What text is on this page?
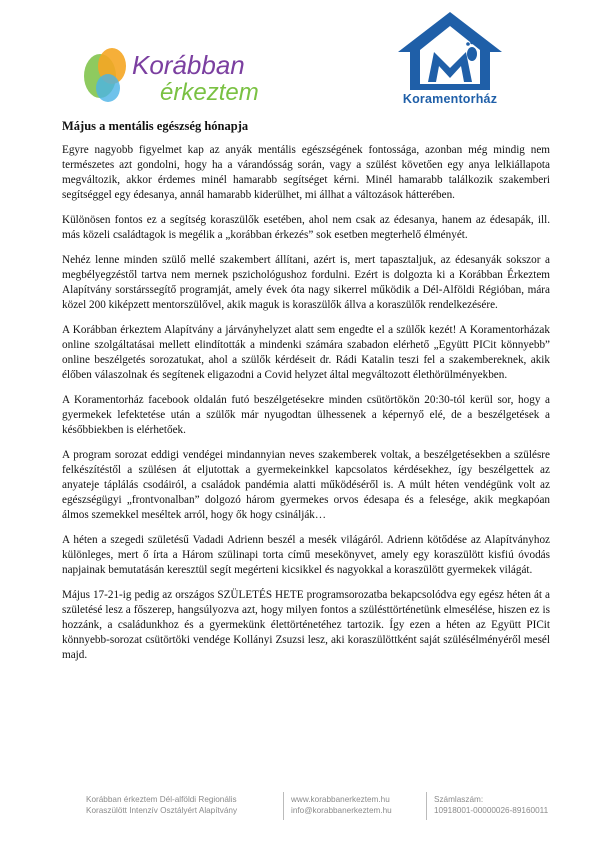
Korábban
érkeztem	Koramentorház
Május a mentális egészség hónapja

Egyre nagyobb figyelmet kap az anyák mentális egészségének fontossága, azonban még mindig nem természetes azt gondolni, hogy ha a várandósság során, vagy a szülést követően egy anya lelkiállapota megváltozik, akkor érdemes minél hamarabb segítséget kérni. Minél hamarabb találkozik szakemberi segítséggel egy édesanya, annál hamarabb kiderülhet, mi állhat a változások hátterében.

Különösen fontos ez a segítség koraszülők esetében, ahol nem csak az édesanya, hanem az édesapák, ill. más közeli családtagok is megélik a „korábban érkezés” sok esetben megterhelő élményét.

Nehéz lenne minden szülő mellé szakembert állítani, azért is, mert tapasztaljuk, az édesanyák sokszor a megbélyegzéstől tartva nem mernek pszichológushoz fordulni. Ezért is dolgozta ki a Korábban Érkeztem Alapítvány sorstárssegítő programját, amely évek óta nagy sikerrel működik a Dél-Alföldi Régióban, mára közel 200 kiképzett mentorszülővel, akik maguk is koraszülők állva a koraszülők rendelkezésére.

A Korábban érkeztem Alapítvány a járványhelyzet alatt sem engedte el a szülők kezét! A Koramentorházak online szolgáltatásai mellett elindították a mindenki számára szabadon elérhető „Együtt PICit könnyebb” online beszélgetés sorozatukat, ahol a szülők kérdéseit dr. Rádi Katalin teszi fel a szakembereknek, akik élőben válaszolnak és segítenek eligazodni a Covid helyzet által megváltozott élethörülményekben.

A Koramentorház facebook oldalán futó beszélgetésekre minden csütörtökön 20:30-tól kerül sor, hogy a gyermekek lefektetése után a szülők már nyugodtan ülhessenek a képernyő elé, de a beszélgetések a későbbiekben is elérhetőek.

A program sorozat eddigi vendégei mindannyian neves szakemberek voltak, a beszélgetésekben a szülésre felkészítéstől a szülésen át eljutottak a gyermekeinkkel kapcsolatos kérdésekhez, így beszélgettek az anyateje táplálás csodáiról, a családok pandémia alatti működéséről is. A múlt héten vendégünk volt az egészségügyi „frontvonalban” dolgozó három gyermekes orvos édesapa és a felesége, akik megkapóan álmos szemekkel meséltek arról, hogy ők hogy csinálják…

A héten a szegedi születésű Vadadi Adrienn beszél a mesék világáról. Adrienn kötődése az Alapítványhoz különleges, mert ő írta a Három szülinapi torta című mesekönyvet, amely egy koraszülött kisfiú óvodás napjainak bemutatásán keresztül segít megérteni kicsikkel és nagyokkal a koraszülött gyermekek világát.

Május 17-21-ig pedig az országos SZÜLETÉS HETE programsorozatba bekapcsolódva egy egész héten át a születésé lesz a főszerep, hangsúlyozva azt, hogy milyen fontos a szülésttörténetünk elmesélése, hiszen ez is hozzánk, a családunkhoz és a gyermekünk élettörténetéhez tartozik. Így ezen a héten az Együtt PICit könnyebb-sorozat csütörtöki vendége Kollányi Zsuzsi lesz, aki koraszülöttként saját szülésélményéről mesél majd.

Korábban érkeztem Dél-alföldi Regionális
Koraszülött Intenzív Osztályért Alapítvány
www.korabbanerkeztem.hu
info@korabbanerkeztem.hu
Számlaszám:
10918001-00000026-89160011
